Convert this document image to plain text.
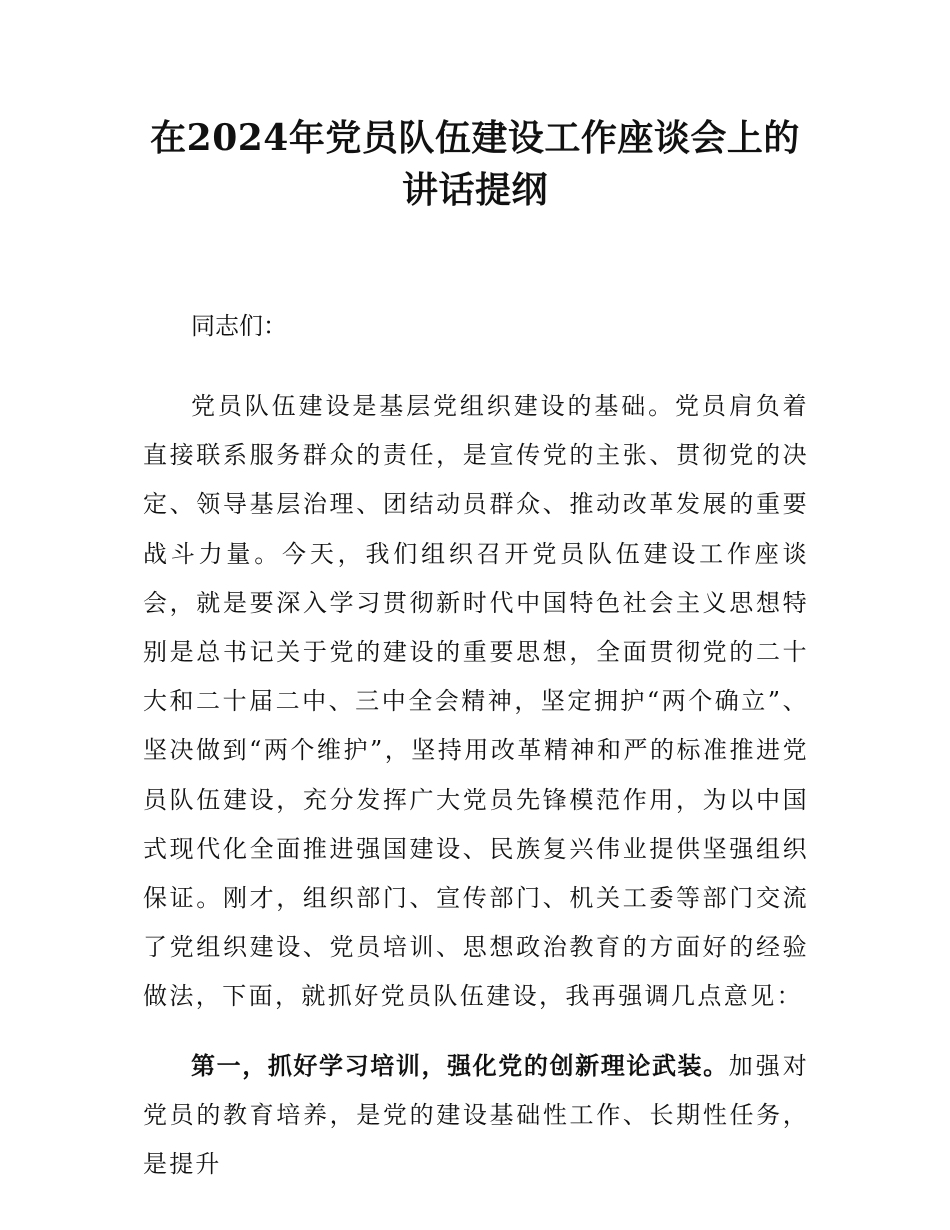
在2024年党员队伍建设工作座谈会上的讲话提纲

同志们：

党员队伍建设是基层党组织建设的基础。党员肩负着直接联系服务群众的责任，是宣传党的主张、贯彻党的决定、领导基层治理、团结动员群众、推动改革发展的重要战斗力量。今天，我们组织召开党员队伍建设工作座谈会，就是要深入学习贯彻新时代中国特色社会主义思想特别是总书记关于党的建设的重要思想，全面贯彻党的二十大和二十届二中、三中全会精神，坚定拥护“两个确立”、坚决做到“两个维护”，坚持用改革精神和严的标准推进党员队伍建设，充分发挥广大党员先锋模范作用，为以中国式现代化全面推进强国建设、民族复兴伟业提供坚强组织保证。刚才，组织部门、宣传部门、机关工委等部门交流了党组织建设、党员培训、思想政治教育的方面好的经验做法，下面，就抓好党员队伍建设，我再强调几点意见：

第一，抓好学习培训，强化党的创新理论武装。加强对党员的教育培养，是党的建设基础性工作、长期性任务，是提升
